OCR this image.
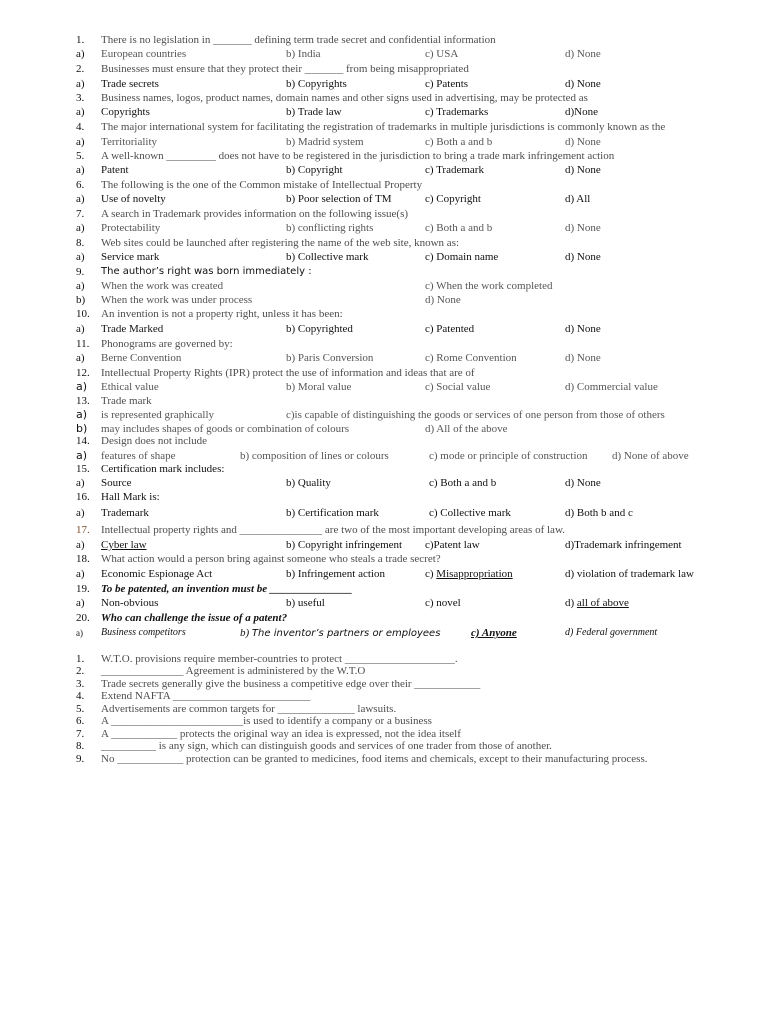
1. There is no legislation in _______ defining term trade secret and confidential information
a) European countries	b) India	c) USA	d) None
2. Businesses must ensure that they protect their _______ from being misappropriated
a) Trade secrets	b) Copyrights	c) Patents	d) None
3. Business names, logos, product names, domain names and other signs used in advertising, may be protected as
a) Copyrights	b) Trade law	c) Trademarks	d)None
4. The major international system for facilitating the registration of trademarks in multiple jurisdictions is commonly known as the
a) Territoriality	b) Madrid system	c) Both a and b	d) None
5. A well-known _________ does not have to be registered in the jurisdiction to bring a trade mark infringement action
a) Patent	b) Copyright	c) Trademark	d) None
6. The following is the one of the Common mistake of Intellectual Property
a) Use of novelty	b) Poor selection of TM	c) Copyright	d) All
7. A search in Trademark provides information on the following issue(s)
a) Protectability	b) conflicting rights	c) Both a and b	d) None
8. Web sites could be launched after registering the name of the web site, known as:
a) Service mark	b) Collective mark	c) Domain name	d) None
9. The author’s right was born immediately :
a) When the work was created	c) When the work completed
b) When the work was under process	d) None
10. An invention is not a property right, unless it has been:
a) Trade Marked	b) Copyrighted	c) Patented	d) None
11. Phonograms are governed by:
a) Berne Convention	b) Paris Conversion	c) Rome Convention	d) None
12. Intellectual Property Rights (IPR) protect the use of information and ideas that are of
a) Ethical value	b) Moral value	c) Social value	d) Commercial value
13. Trade mark
a) is represented graphically	c)is capable of distinguishing the goods or services of one person from those of others
b) may includes shapes of goods or combination of colours	d) All of the above
14. Design does not include
a) features of shape	b) composition of lines or colours	c) mode or principle of construction d) None of above
15. Certification mark includes:
a) Source	b) Quality	c) Both a and b	d) None
16. Hall Mark is:
a) Trademark	b) Certification mark	c) Collective mark	d) Both b and c
17. Intellectual property rights and _______________ are two of the most important developing areas of law.
a) Cyber law	b) Copyright infringement c)Patent law	d)Trademark infringement
18. What action would a person bring against someone who steals a trade secret?
a) Economic Espionage Act	b) Infringement action	c) Misappropriation	d) violation of trademark law
19. To be patented, an invention must be _______________
a) Non-obvious	b) useful	c) novel	d) all of above
20. Who can challenge the issue of a patent?
a) Business competitors	b) The inventor’s partners or employees	c) Anyone	d) Federal government
1. W.T.O. provisions require member-countries to protect ____________________.
2. _______________ Agreement is administered by the W.T.O
3. Trade secrets generally give the business a competitive edge over their ____________
4. Extend NAFTA _________________________
5. Advertisements are common targets for ______________ lawsuits.
6. A ________________________is used to identify a company or a business
7. A ____________ protects the original way an idea is expressed, not the idea itself
8. __________ is any sign, which can distinguish goods and services of one trader from those of another.
9. No ____________ protection can be granted to medicines, food items and chemicals, except to their manufacturing process.
